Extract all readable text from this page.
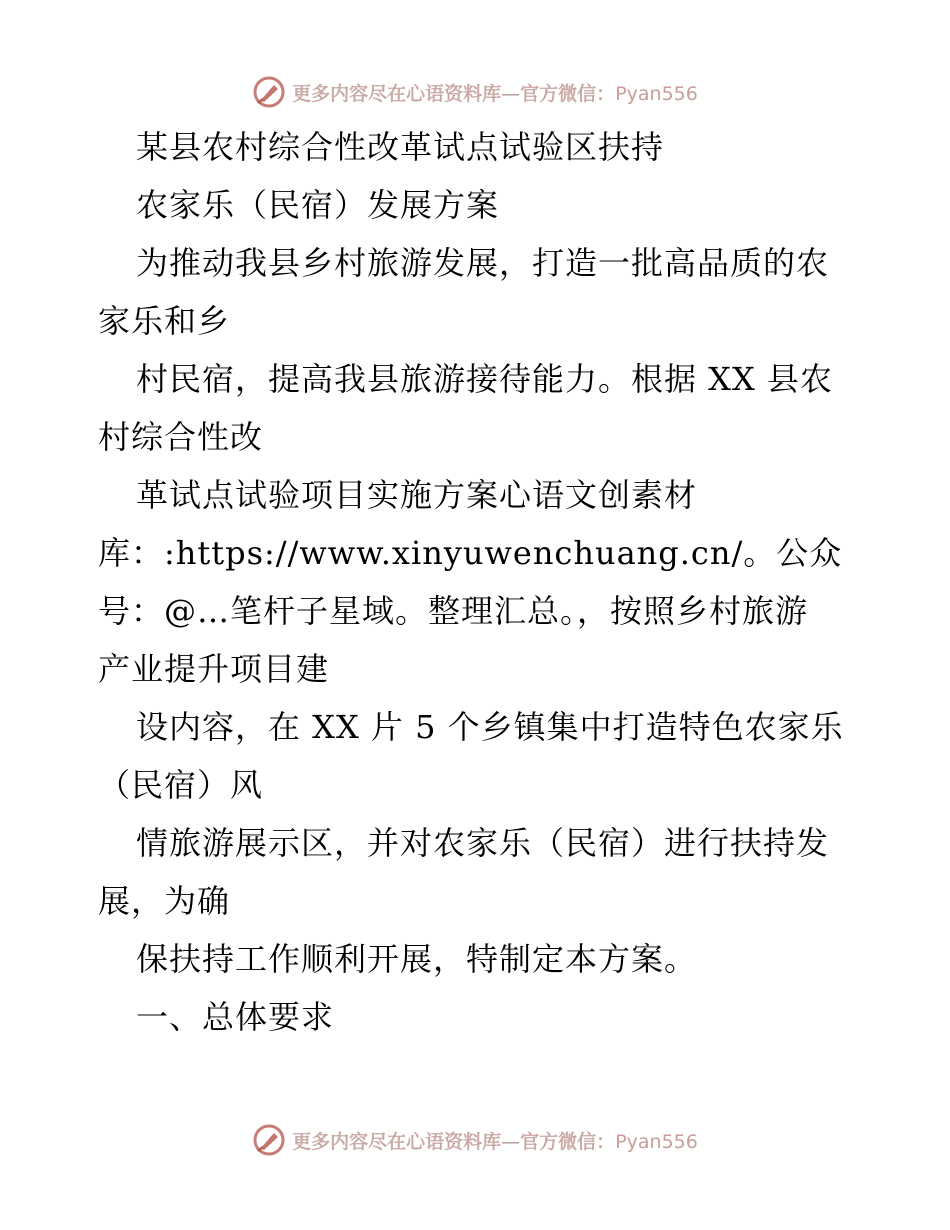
更多内容尽在心语资料库—官方微信：Pyan556
某县农村综合性改革试点试验区扶持
农家乐（民宿）发展方案
为推动我县乡村旅游发展，打造一批高品质的农
家乐和乡
村民宿，提高我县旅游接待能力。根据 XX 县农
村综合性改
革试点试验项目实施方案心语文创素材
库：:https://www.xinyuwenchuang.cn/。公众
号：@…笔杆子星域。整理汇总。，按照乡村旅游
产业提升项目建
设内容，在 XX 片 5 个乡镇集中打造特色农家乐
（民宿）风
情旅游展示区，并对农家乐（民宿）进行扶持发
展，为确
保扶持工作顺利开展，特制定本方案。
一、总体要求
更多内容尽在心语资料库—官方微信：Pyan556
